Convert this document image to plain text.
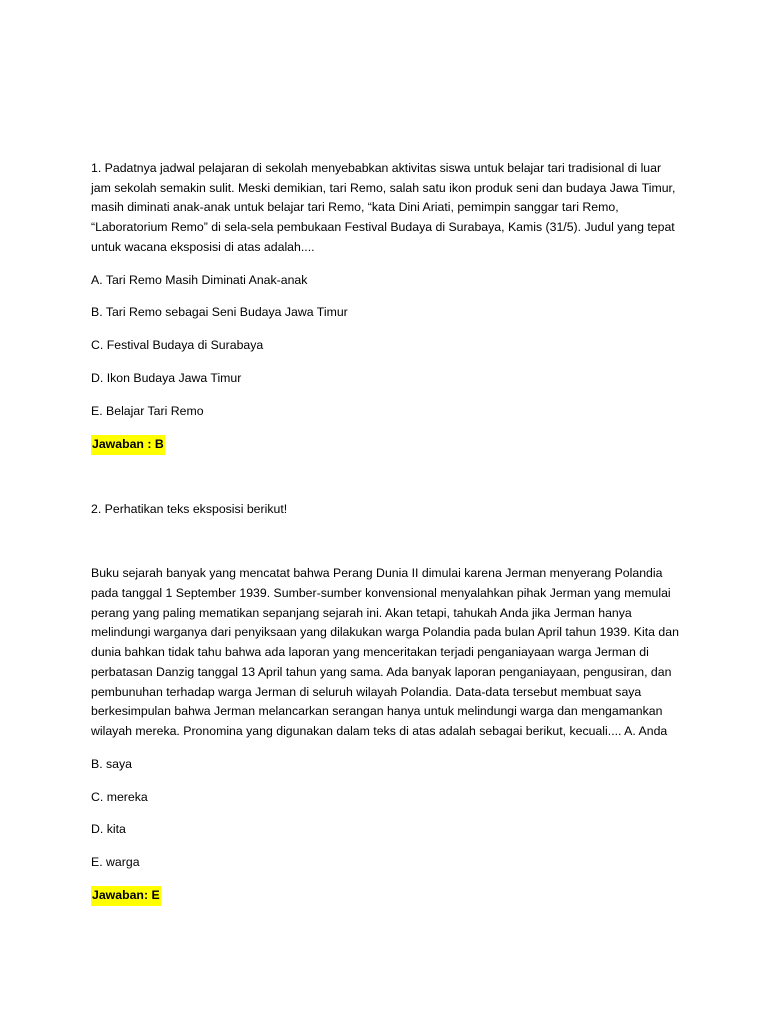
1. Padatnya jadwal pelajaran di sekolah menyebabkan aktivitas siswa untuk belajar tari tradisional di luar jam sekolah semakin sulit. Meski demikian, tari Remo, salah satu ikon produk seni dan budaya Jawa Timur, masih diminati anak-anak untuk belajar tari Remo, “kata Dini Ariati, pemimpin sanggar tari Remo, “Laboratorium Remo” di sela-sela pembukaan Festival Budaya di Surabaya, Kamis (31/5). Judul yang tepat untuk wacana eksposisi di atas adalah....

A. Tari Remo Masih Diminati Anak-anak

B. Tari Remo sebagai Seni Budaya Jawa Timur

C. Festival Budaya di Surabaya

D. Ikon Budaya Jawa Timur

E. Belajar Tari Remo

Jawaban : B

2. Perhatikan teks eksposisi berikut!

Buku sejarah banyak yang mencatat bahwa Perang Dunia II dimulai karena Jerman menyerang Polandia pada tanggal 1 September 1939. Sumber-sumber konvensional menyalahkan pihak Jerman yang memulai perang yang paling mematikan sepanjang sejarah ini. Akan tetapi, tahukah Anda jika Jerman hanya melindungi warganya dari penyiksaan yang dilakukan warga Polandia pada bulan April tahun 1939. Kita dan dunia bahkan tidak tahu bahwa ada laporan yang menceritakan terjadi penganiayaan warga Jerman di perbatasan Danzig tanggal 13 April tahun yang sama. Ada banyak laporan penganiayaan, pengusiran, dan pembunuhan terhadap warga Jerman di seluruh wilayah Polandia. Data-data tersebut membuat saya berkesimpulan bahwa Jerman melancarkan serangan hanya untuk melindungi warga dan mengamankan wilayah mereka. Pronomina yang digunakan dalam teks di atas adalah sebagai berikut, kecuali.... A. Anda

B. saya

C. mereka

D. kita

E. warga

Jawaban: E
